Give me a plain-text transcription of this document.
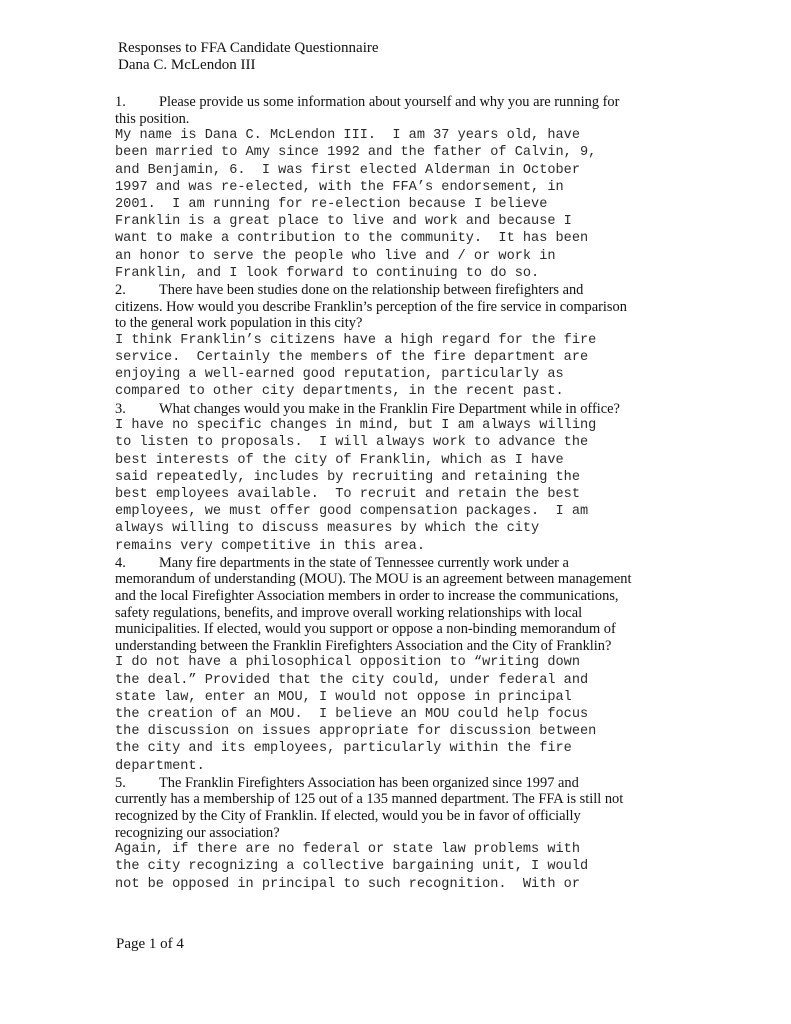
Responses to FFA Candidate Questionnaire
Dana C. McLendon III
1. Please provide us some information about yourself and why you are running for
this position.
My name is Dana C. McLendon III.  I am 37 years old, have
been married to Amy since 1992 and the father of Calvin, 9,
and Benjamin, 6.  I was first elected Alderman in October
1997 and was re-elected, with the FFA’s endorsement, in
2001.  I am running for re-election because I believe
Franklin is a great place to live and work and because I
want to make a contribution to the community.  It has been
an honor to serve the people who live and / or work in
Franklin, and I look forward to continuing to do so.
2. There have been studies done on the relationship between firefighters and
citizens. How would you describe Franklin’s perception of the fire service in comparison
to the general work population in this city?
I think Franklin’s citizens have a high regard for the fire
service.  Certainly the members of the fire department are
enjoying a well-earned good reputation, particularly as
compared to other city departments, in the recent past.
3. What changes would you make in the Franklin Fire Department while in office?
I have no specific changes in mind, but I am always willing
to listen to proposals.  I will always work to advance the
best interests of the city of Franklin, which as I have
said repeatedly, includes by recruiting and retaining the
best employees available.  To recruit and retain the best
employees, we must offer good compensation packages.  I am
always willing to discuss measures by which the city
remains very competitive in this area.
4. Many fire departments in the state of Tennessee currently work under a
memorandum of understanding (MOU). The MOU is an agreement between management
and the local Firefighter Association members in order to increase the communications,
safety regulations, benefits, and improve overall working relationships with local
municipalities. If elected, would you support or oppose a non-binding memorandum of
understanding between the Franklin Firefighters Association and the City of Franklin?
I do not have a philosophical opposition to “writing down
the deal.” Provided that the city could, under federal and
state law, enter an MOU, I would not oppose in principal
the creation of an MOU.  I believe an MOU could help focus
the discussion on issues appropriate for discussion between
the city and its employees, particularly within the fire
department.
5. The Franklin Firefighters Association has been organized since 1997 and
currently has a membership of 125 out of a 135 manned department. The FFA is still not
recognized by the City of Franklin. If elected, would you be in favor of officially
recognizing our association?
Again, if there are no federal or state law problems with
the city recognizing a collective bargaining unit, I would
not be opposed in principal to such recognition.  With or
Page 1 of 4
